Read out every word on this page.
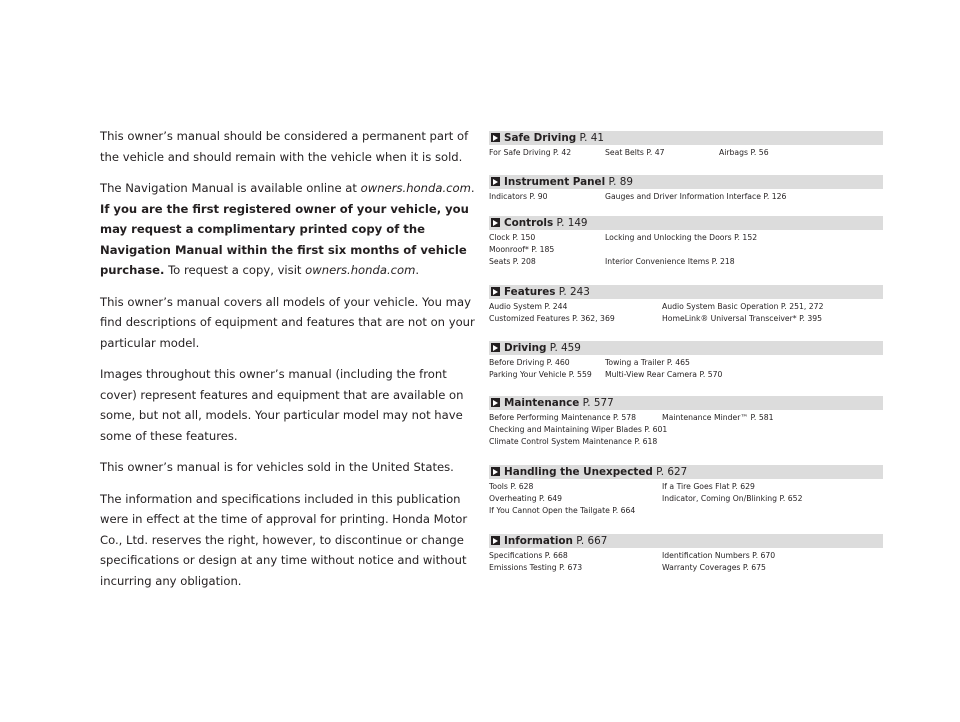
This owner’s manual should be considered a permanent part of the vehicle and should remain with the vehicle when it is sold.

The Navigation Manual is available online at owners.honda.com. If you are the first registered owner of your vehicle, you may request a complimentary printed copy of the Navigation Manual within the first six months of vehicle purchase. To request a copy, visit owners.honda.com.

This owner’s manual covers all models of your vehicle. You may find descriptions of equipment and features that are not on your particular model.

Images throughout this owner’s manual (including the front cover) represent features and equipment that are available on some, but not all, models. Your particular model may not have some of these features.

This owner’s manual is for vehicles sold in the United States.

The information and specifications included in this publication were in effect at the time of approval for printing. Honda Motor Co., Ltd. reserves the right, however, to discontinue or change specifications or design at any time without notice and without incurring any obligation.

Safe Driving P. 41
For Safe Driving P. 42	Seat Belts P. 47	Airbags P. 56
Instrument Panel P. 89
Indicators P. 90	Gauges and Driver Information Interface P. 126
Controls P. 149
Clock P. 150	Locking and Unlocking the Doors P. 152
Moonroof* P. 185
Seats P. 208	Interior Convenience Items P. 218
Features P. 243
Audio System P. 244	Audio System Basic Operation P. 251, 272
Customized Features P. 362, 369	HomeLink® Universal Transceiver* P. 395
Driving P. 459
Before Driving P. 460	Towing a Trailer P. 465
Parking Your Vehicle P. 559 Multi-View Rear Camera P. 570
Maintenance P. 577
Before Performing Maintenance P. 578	Maintenance Minder™ P. 581
Checking and Maintaining Wiper Blades P. 601
Climate Control System Maintenance P. 618
Handling the Unexpected P. 627
Tools P. 628	If a Tire Goes Flat P. 629
Overheating P. 649	Indicator, Coming On/Blinking P. 652
If You Cannot Open the Tailgate P. 664
Information P. 667
Specifications P. 668	Identification Numbers P. 670
Emissions Testing P. 673	Warranty Coverages P. 675
